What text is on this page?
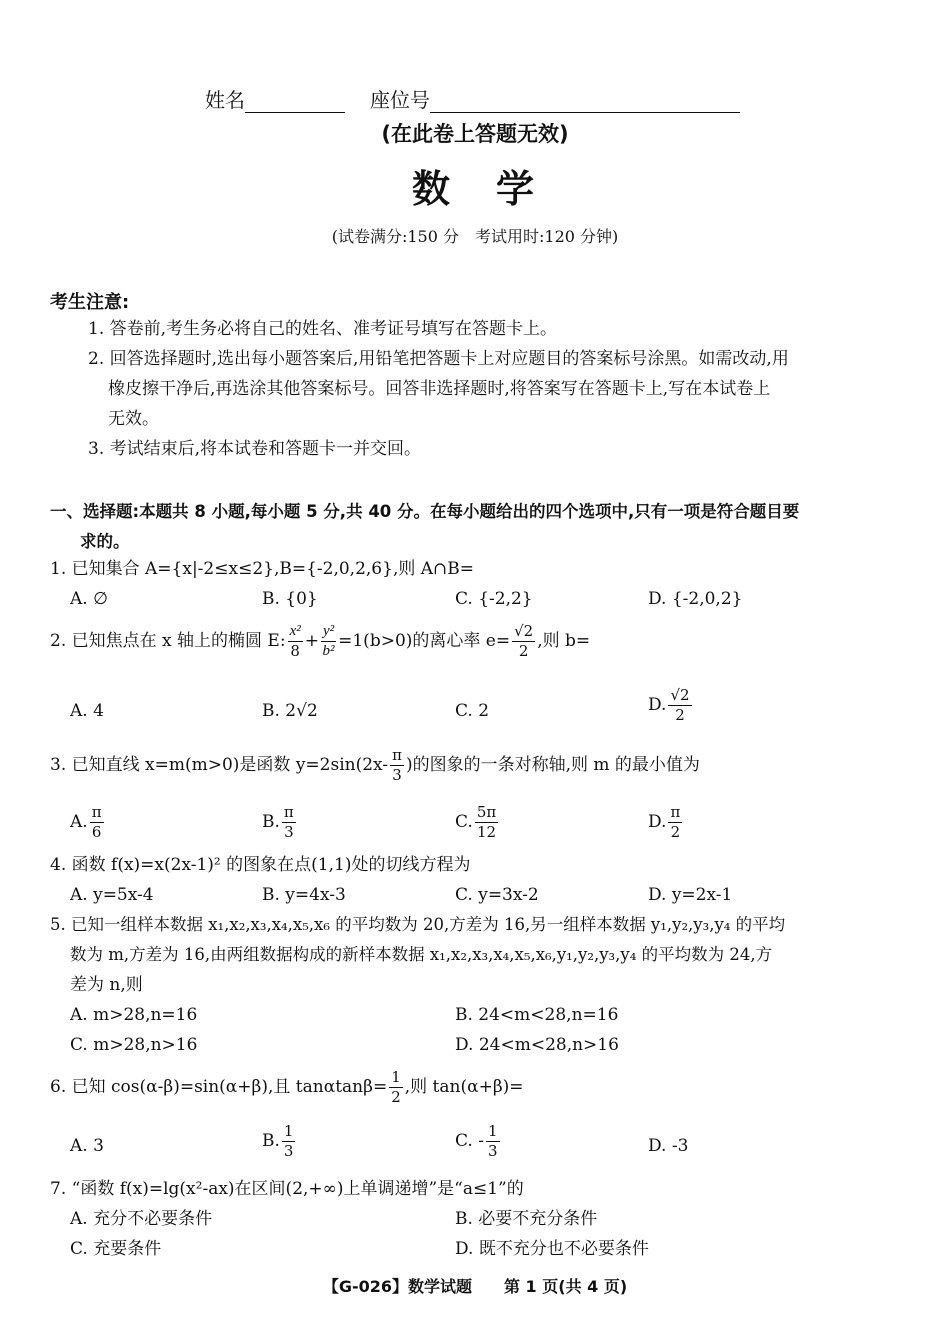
姓名	座位号
(在此卷上答题无效)
数　学
(试卷满分:150 分　考试用时:120 分钟)
考生注意:
1. 答卷前,考生务必将自己的姓名、准考证号填写在答题卡上。
2. 回答选择题时,选出每小题答案后,用铅笔把答题卡上对应题目的答案标号涂黑。如需改动,用
橡皮擦干净后,再选涂其他答案标号。回答非选择题时,将答案写在答题卡上,写在本试卷上
无效。
3. 考试结束后,将本试卷和答题卡一并交回。
一、选择题:本题共 8 小题,每小题 5 分,共 40 分。在每小题给出的四个选项中,只有一项是符合题目要
求的。
1. 已知集合 A={x|-2≤x≤2},B={-2,0,2,6},则 A∩B=
A. ∅	B. {0}	C. {-2,2}	D. {-2,0,2}
2. 已知焦点在 x 轴上的椭圆 E: $\frac{\text{x²}}{8} + \frac{\text{y²}}{\text{b²}} =1(b>0)$的离心率 $e= \frac{√2}{2}$ ,则 b=
A. 4	B. 2√2	C. 2	D. $\frac{√2}{2}$
3. 已知直线 x=m(m>0)是函数 $y=2\sin(2x- \frac{\pi}{3}$ )的图象的一条对称轴,则 m 的最小值为
A. $\frac{\pi}{6}$	B. $\frac{\pi}{3}$	C. $\frac{5\pi}{12}$	D. $\frac{\pi}{2}$
4. 函数 f(x)=x(2x-1)² 的图象在点(1,1)处的切线方程为
A. y=5x-4	B. y=4x-3	C. y=3x-2	D. y=2x-1
5. 已知一组样本数据 x₁,x₂,x₃,x₄,x₅,x₆ 的平均数为 20,方差为 16,另一组样本数据 y₁,y₂,y₃,y₄ 的平均
数为 m,方差为 16,由两组数据构成的新样本数据 x₁,x₂,x₃,x₄,x₅,x₆,y₁,y₂,y₃,y₄ 的平均数为 24,方
差为 n,则
A. m>28,n=16	B. 24<m<28,n=16
C. m>28,n>16	D. 24<m<28,n>16
6. 已知 cos(α-β)=sin(α+β),且 $\tan\alpha\tan\beta= \frac{1}{2}$ ,则 tan(α+β)=
A. 3	B. $\frac{1}{3}$	C. - $\frac{1}{3}$	D. -3
7. “函数 f(x)=lg(x²-ax)在区间(2,+∞)上单调递增”是“a≤1”的
A. 充分不必要条件	B. 必要不充分条件
C. 充要条件	D. 既不充分也不必要条件
【G-026】数学试题　　第 1 页(共 4 页)
